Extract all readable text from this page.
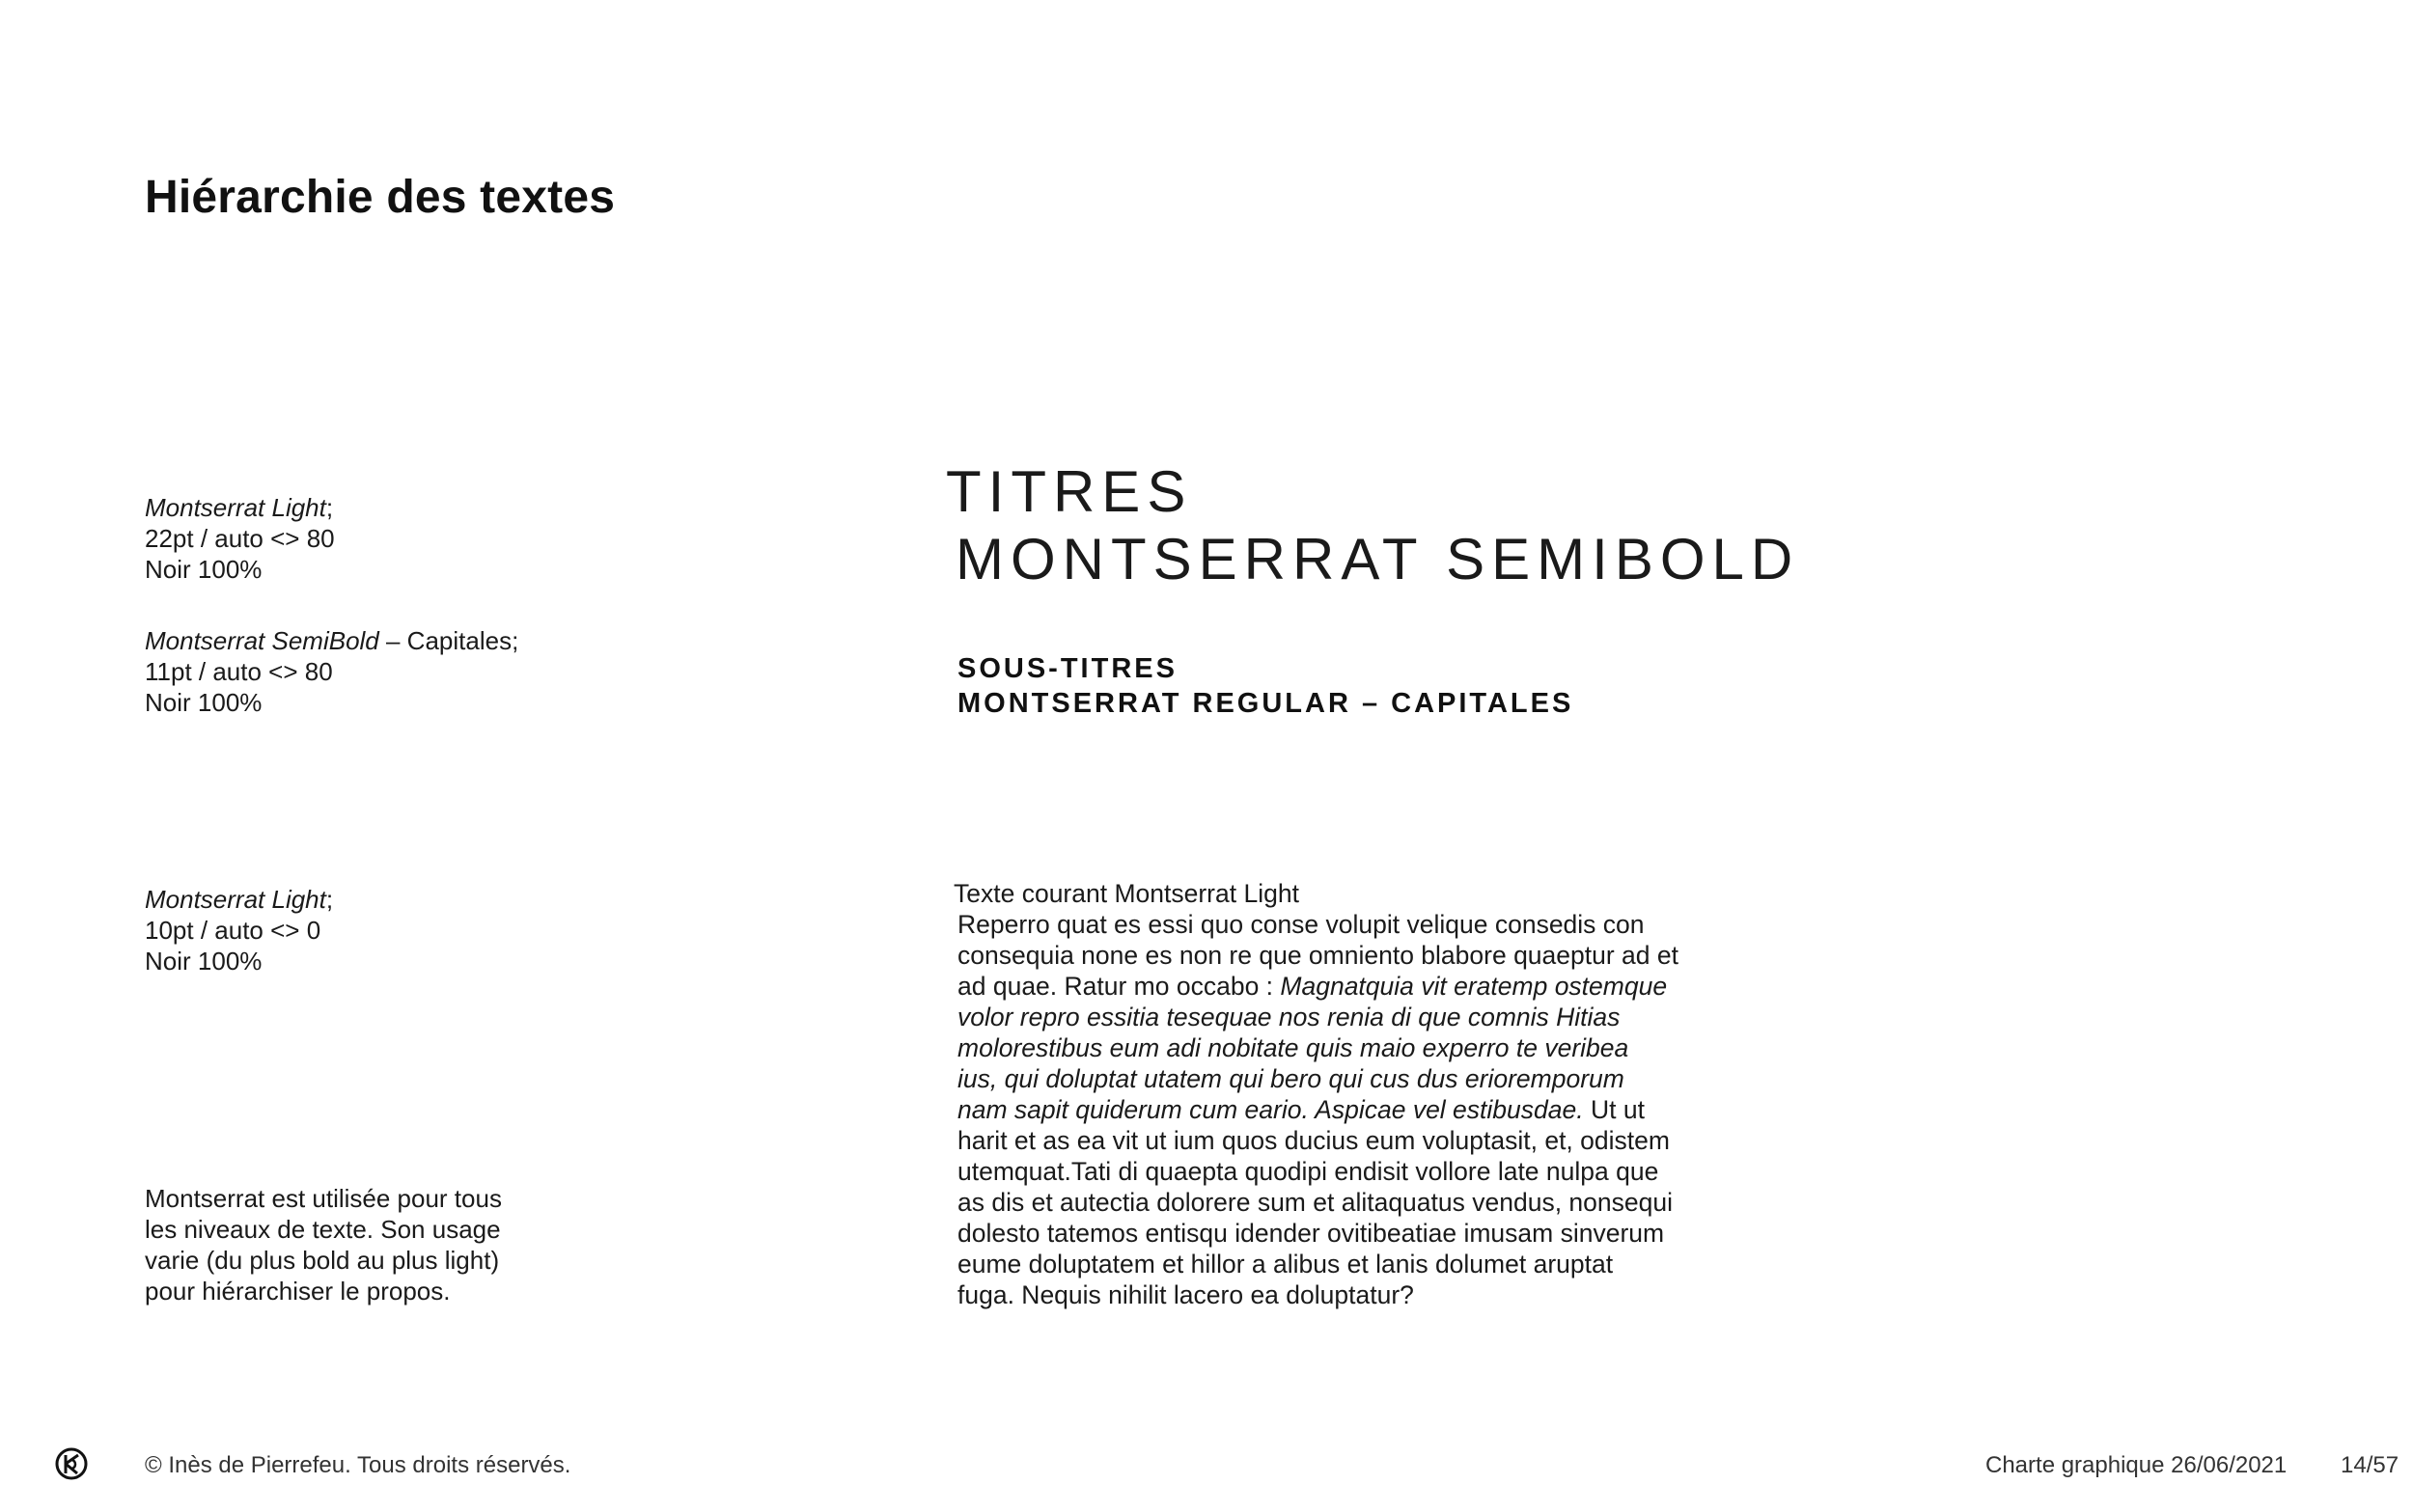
Hiérarchie des textes
Montserrat Light;
22pt / auto <> 80
Noir 100%
Montserrat SemiBold – Capitales;
11pt / auto <> 80
Noir 100%
Montserrat Light;
10pt / auto <> 0
Noir 100%
Montserrat est utilisée pour tous
les niveaux de texte. Son usage
varie (du plus bold au plus light)
pour hiérarchiser le propos.
TITRES
MONTSERRAT SEMIBOLD
SOUS-TITRES
MONTSERRAT REGULAR – CAPITALES
Texte courant Montserrat Light
Reperro quat es essi quo conse volupit velique consedis con
consequia none es non re que omniento blabore quaeptur ad et
ad quae. Ratur mo occabo : Magnatquia vit eratemp ostemque
volor repro essitia tesequae nos renia di que comnis Hitias
molorestibus eum adi nobitate quis maio experro te veribea
ius, qui doluptat utatem qui bero qui cus dus erioremporum
nam sapit quiderum cum eario. Aspicae vel estibusdae. Ut ut
harit et as ea vit ut ium quos ducius eum voluptasit, et, odistem
utemquat.Tati di quaepta quodipi endisit vollore late nulpa que
as dis et autectia dolorere sum et alitaquatus vendus, nonsequi
dolesto tatemos entisqu idender ovitibeatiae imusam sinverum
eume doluptatem et hillor a alibus et lanis dolumet aruptat
fuga. Nequis nihilit lacero ea doluptatur?
© Inès de Pierrefeu. Tous droits réservés.	Charte graphique 26/06/2021 14/57
